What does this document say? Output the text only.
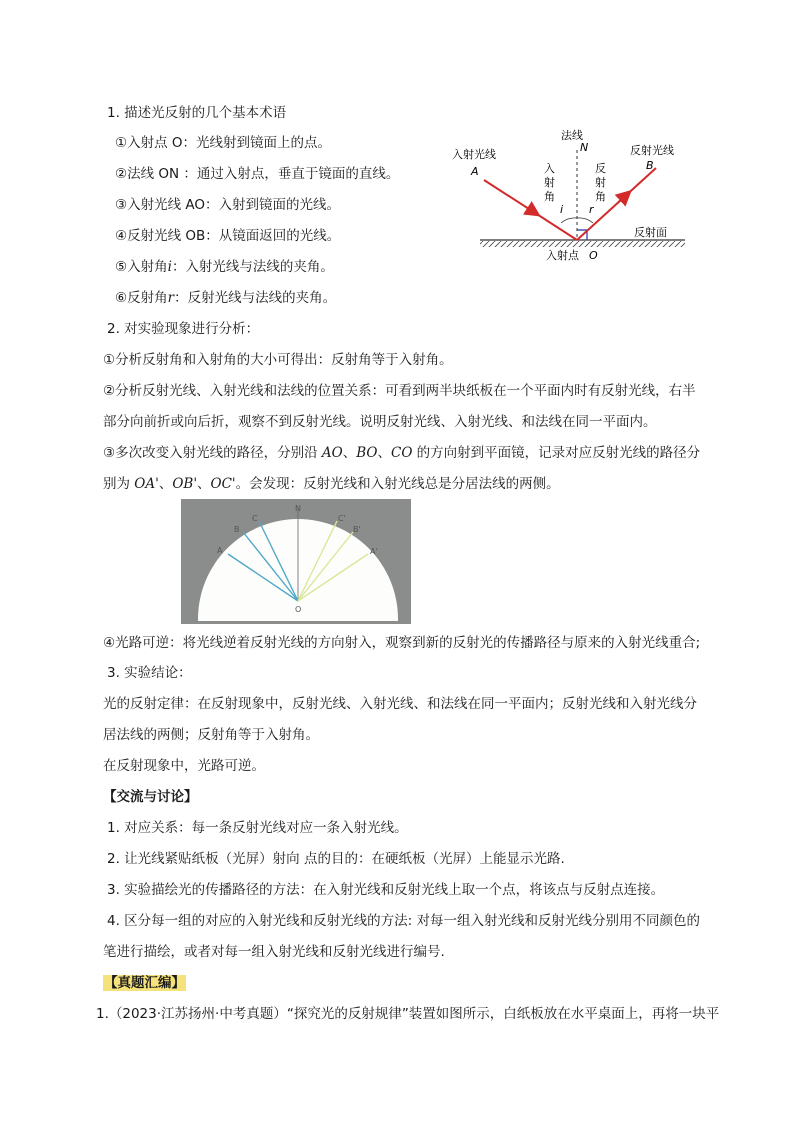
1. 描述光反射的几个基本术语
①入射点 O：光线射到镜面上的点。
②法线 ON ：通过入射点，垂直于镜面的直线。
③入射光线 AO：入射到镜面的光线。
④反射光线 OB：从镜面返回的光线。
⑤入射角i：入射光线与法线的夹角。
⑥反射角r：反射光线与法线的夹角。
法线
N
入射光线
A
反射光线
B
入
射
角
反
射
角
i r
反射面
入射点 O
2. 对实验现象进行分析：
①分析反射角和入射角的大小可得出：反射角等于入射角。
②分析反射光线、入射光线和法线的位置关系：可看到两半块纸板在一个平面内时有反射光线，右半
部分向前折或向后折，观察不到反射光线。说明反射光线、入射光线、和法线在同一平面内。
③多次改变入射光线的路径，分别沿 AO、BO、CO 的方向射到平面镜，记录对应反射光线的路径分
别为 OA'、OB'、OC'。会发现：反射光线和入射光线总是分居法线的两侧。
A
B
C
N
C'
B'
A'
O
④光路可逆：将光线逆着反射光线的方向射入，观察到新的反射光的传播路径与原来的入射光线重合;
3. 实验结论：
光的反射定律：在反射现象中，反射光线、入射光线、和法线在同一平面内；反射光线和入射光线分
居法线的两侧；反射角等于入射角。
在反射现象中，光路可逆。
【交流与讨论】
1. 对应关系：每一条反射光线对应一条入射光线。
2. 让光线紧贴纸板（光屏）射向 点的目的：在硬纸板（光屏）上能显示光路.
3. 实验描绘光的传播路径的方法：在入射光线和反射光线上取一个点，将该点与反射点连接。
4. 区分每一组的对应的入射光线和反射光线的方法: 对每一组入射光线和反射光线分别用不同颜色的
笔进行描绘，或者对每一组入射光线和反射光线进行编号.
【真题汇编】
1.（2023·江苏扬州·中考真题）“探究光的反射规律”装置如图所示，白纸板放在水平桌面上，再将一块平
